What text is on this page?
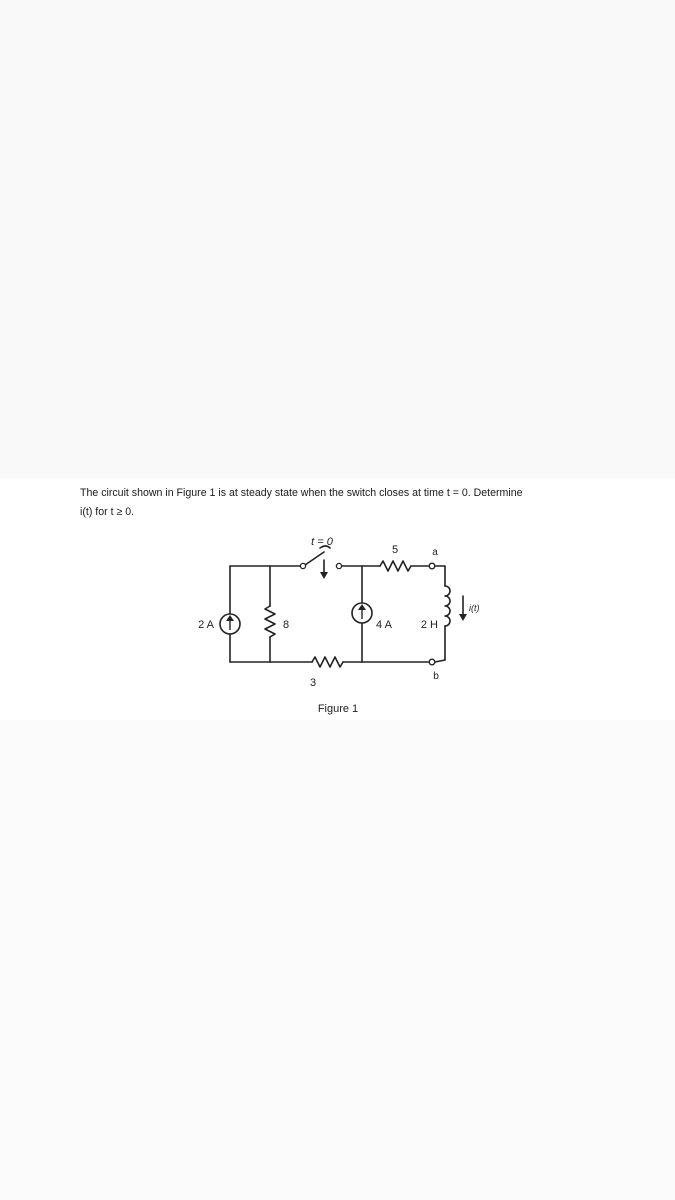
The circuit shown in Figure 1 is at steady state when the switch closes at time t = 0. Determine

i(t) for t ≥ 0.

t = 0
2 A	8
3
5
4 A	2 H
i(t)
a
b
Figure 1
